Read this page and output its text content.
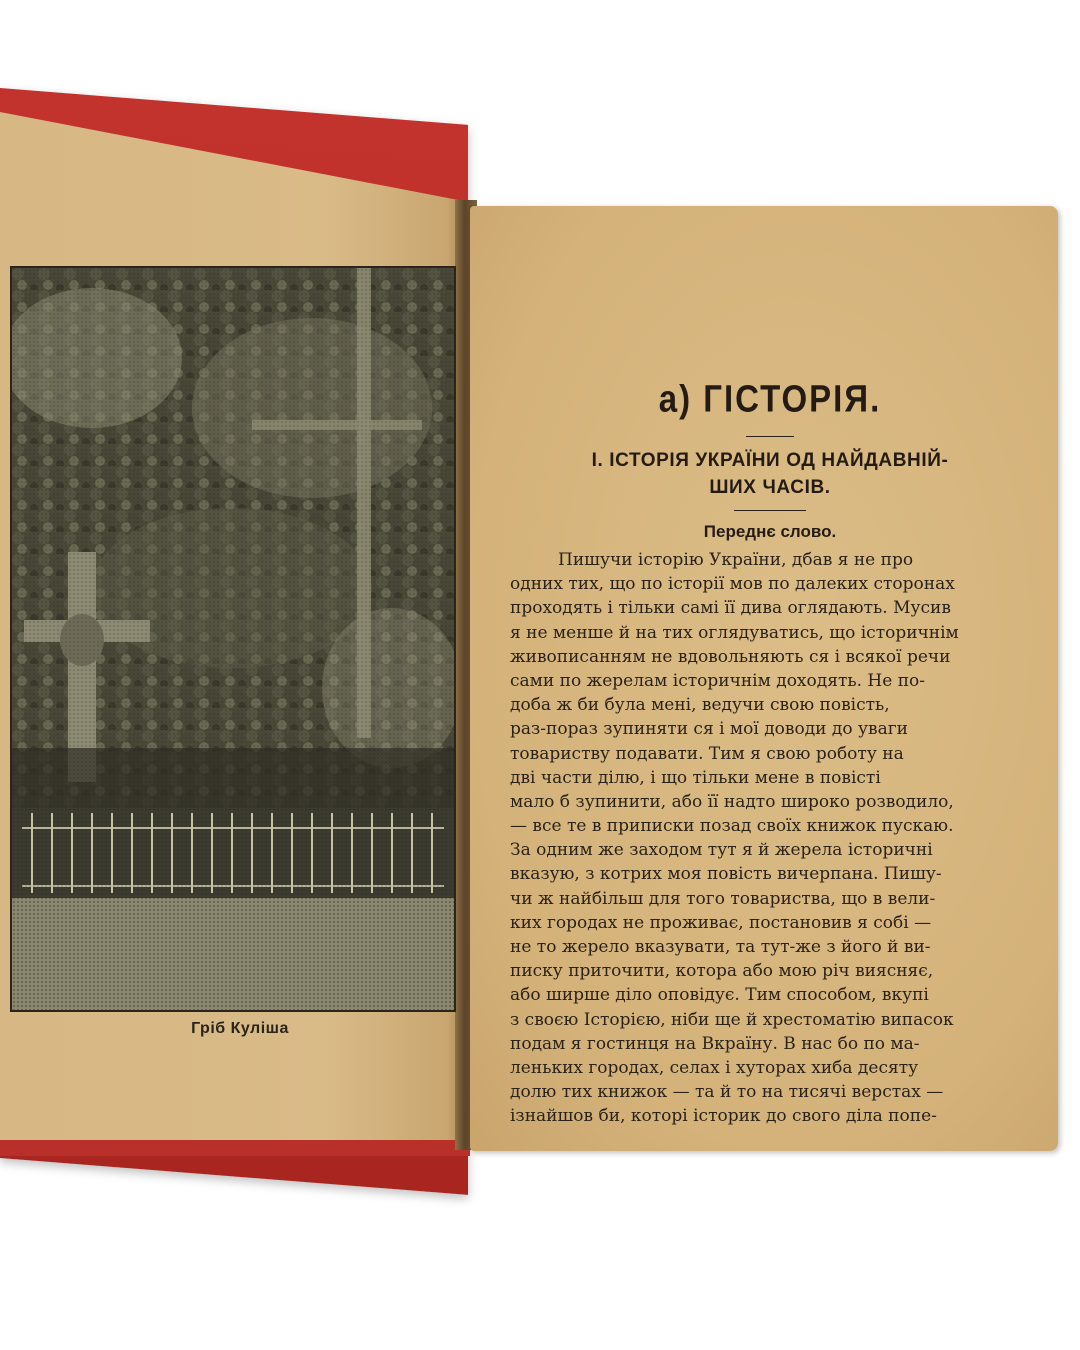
Гріб Куліша
а) ГІСТОРІЯ.
І. ІСТОРІЯ УКРАЇНИ ОД НАЙДАВНІЙ-
ШИХ ЧАСІВ.
Переднє слово.
Пишучи історію України, дбав я не про
одних тих, що по історії мов по далеких сторонах
проходять і тільки самі її дива оглядають. Мусив
я не менше й на тих оглядуватись, що історичнім
живописанням не вдовольняють ся і всякої речи
сами по жерелам історичнім доходять. Не по-
доба ж би була мені, ведучи свою повість,
раз-пораз зупиняти ся і мої доводи до уваги
товариству подавати. Тим я свою роботу на
дві части ділю, і що тільки мене в повісті
мало б зупинити, або її надто широко розводило,
— все те в приписки позад своїх книжок пускаю.
За одним же заходом тут я й жерела історичні
вказую, з котрих моя повість вичерпана. Пишу-
чи ж найбільш для того товариства, що в вели-
ких городах не проживає, постановив я собі —
не то жерело вказувати, та тут-же з його й ви-
писку приточити, котора або мою річ виясняє,
або ширше діло оповідує. Тим способом, вкупі
з своєю Історією, ніби ще й хрестоматію випасок
подам я гостинця на Вкраїну. В нас бо по ма-
леньких городах, селах і хуторах хиба десяту
долю тих книжок — та й то на тисячі верстах —
ізнайшов би, которі історик до свого діла попе-
